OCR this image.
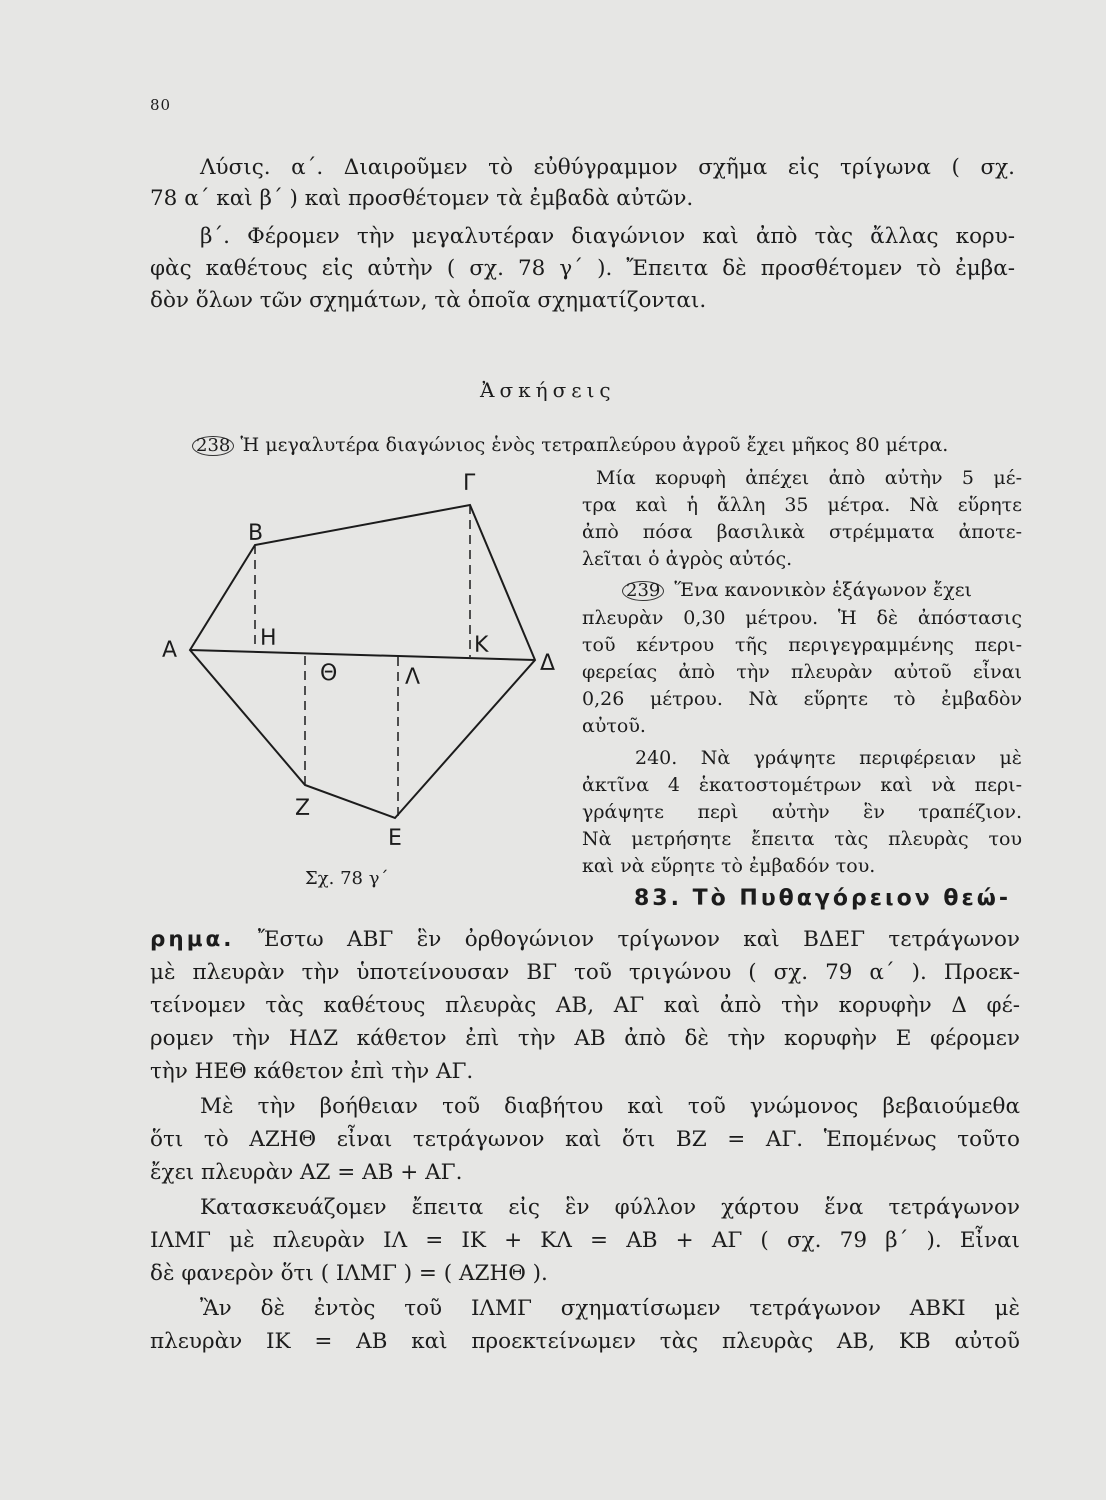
80
Λύσις. α΄. Διαιροῦμεν τὸ εὐθύγραμμον σχῆμα εἰς τρίγωνα ( σχ.
78 α΄ καὶ β΄ ) καὶ προσθέτομεν τὰ ἐμβαδὰ αὐτῶν.
β΄. Φέρομεν τὴν μεγαλυτέραν διαγώνιον καὶ ἀπὸ τὰς ἄλλας κορυ-
φὰς καθέτους εἰς αὐτὴν ( σχ. 78 γ΄ ). Ἔπειτα δὲ προσθέτομεν τὸ ἐμβα-
δὸν ὅλων τῶν σχημάτων, τὰ ὁποῖα σχηματίζονται.
Ἀσκήσεις
238 Ἡ μεγαλυτέρα διαγώνιος ἑνὸς τετραπλεύρου ἀγροῦ ἔχει μῆκος 80 μέτρα.
Μία κορυφὴ ἀπέχει ἀπὸ αὐτὴν 5 μέ-
τρα καὶ ἡ ἄλλη 35 μέτρα. Νὰ εὕρητε
ἀπὸ πόσα βασιλικὰ στρέμματα ἀποτε-
λεῖται ὁ ἀγρὸς αὐτός.
239 Ἕνα κανονικὸν ἑξάγωνον ἔχει
πλευρὰν 0,30 μέτρου. Ἡ δὲ ἀπόστασις
τοῦ κέντρου τῆς περιγεγραμμένης περι-
φερείας ἀπὸ τὴν πλευρὰν αὐτοῦ εἶναι
0,26 μέτρου. Νὰ εὕρητε τὸ ἐμβαδὸν
αὐτοῦ.
240. Νὰ γράψητε περιφέρειαν μὲ
ἀκτῖνα 4 ἑκατοστομέτρων καὶ νὰ περι-
γράψητε περὶ αὐτὴν ἓν τραπέζιον.
Νὰ μετρήσητε ἔπειτα τὰς πλευρὰς του
καὶ νὰ εὕρητε τὸ ἐμβαδόν του.
Α
Β
Γ
Δ
Ε
Ζ
Η
Θ
Κ
Λ
Σχ. 78 γ΄
83. Τὸ Πυθαγόρειον θεώ-
ρημα. Ἔστω ΑΒΓ ἓν ὀρθογώνιον τρίγωνον καὶ ΒΔΕΓ τετράγωνον
μὲ πλευρὰν τὴν ὑποτείνουσαν ΒΓ τοῦ τριγώνου ( σχ. 79 α΄ ). Προεκ-
τείνομεν τὰς καθέτους πλευρὰς ΑΒ, ΑΓ καὶ ἀπὸ τὴν κορυφὴν Δ φέ-
ρομεν τὴν ΗΔΖ κάθετον ἐπὶ τὴν ΑΒ ἀπὸ δὲ τὴν κορυφὴν Ε φέρομεν
τὴν ΗΕΘ κάθετον ἐπὶ τὴν ΑΓ.
Μὲ τὴν βοήθειαν τοῦ διαβήτου καὶ τοῦ γνώμονος βεβαιούμεθα
ὅτι τὸ ΑΖΗΘ εἶναι τετράγωνον καὶ ὅτι ΒΖ = ΑΓ. Ἑπομένως τοῦτο
ἔχει πλευρὰν ΑΖ = ΑΒ + ΑΓ.
Κατασκευάζομεν ἔπειτα εἰς ἓν φύλλον χάρτου ἕνα τετράγωνον
ΙΛΜΓ μὲ πλευρὰν ΙΛ = ΙΚ + ΚΛ = ΑΒ + ΑΓ ( σχ. 79 β΄ ). Εἶναι
δὲ φανερὸν ὅτι ( ΙΛΜΓ ) = ( ΑΖΗΘ ).
Ἂν δὲ ἐντὸς τοῦ ΙΛΜΓ σχηματίσωμεν τετράγωνον ΑΒΚΙ μὲ
πλευρὰν ΙΚ = ΑΒ καὶ προεκτείνωμεν τὰς πλευρὰς ΑΒ, ΚΒ αὐτοῦ
